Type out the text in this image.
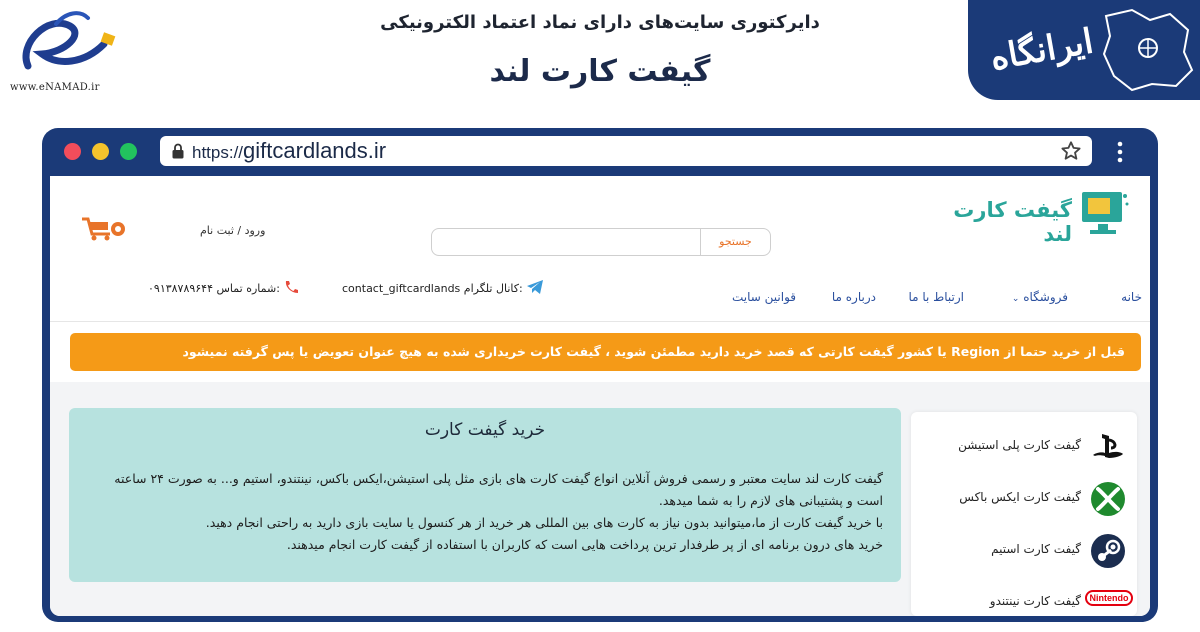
www.eNAMAD.ir
دایرکتوری سایت‌های دارای نماد اعتماد الکترونیکی
گیفت کارت لند	ایرانگاه
https://giftcardlands.ir
گیفت کارت لند
جستجو
ورود / ثبت نام
۰۹۱۳۸۷۸۹۶۴۴ شماره تماس:	contact_giftcardlands کانال تلگرام:
خانه
فروشگاه ⌄
ارتباط با ما
درباره ما
قوانین سایت
قبل از خرید حتما از Region یا کشور گیفت کارتی که قصد خرید دارید مطمئن شوید ، گیفت کارت خریداری شده به هیچ عنوان تعویض یا پس گرفته نمیشود
خرید گیفت کارت
گیفت کارت لند سایت معتبر و رسمی فروش آنلاین انواع گیفت کارت های بازی مثل پلی استیشن،ایکس باکس، نینتندو، استیم و... به صورت ۲۴ ساعته است و پشتیبانی های لازم را به شما میدهد.
با خرید گیفت کارت از ما،میتوانید بدون نیاز به کارت های بین المللی هر خرید از هر کنسول یا سایت بازی دارید به راحتی انجام دهید.
خرید های درون برنامه ای از پر طرفدار ترین پرداخت هایی است که کاربران با استفاده از گیفت کارت انجام میدهند.
گیفت کارت پلی استیشن
گیفت کارت ایکس باکس
گیفت کارت استیم
Nintendo
گیفت کارت نینتندو
